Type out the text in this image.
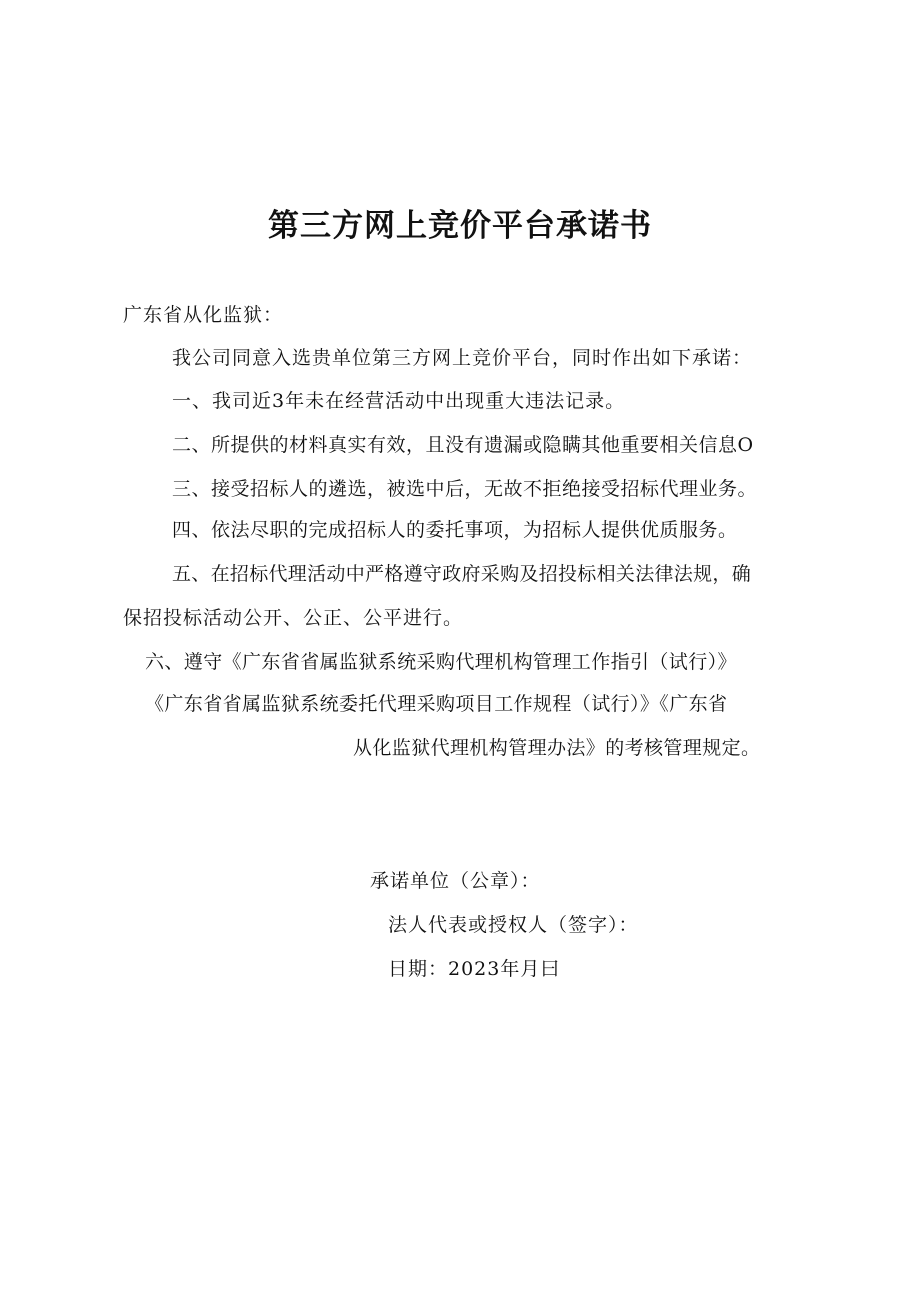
第三方网上竞价平台承诺书
广东省从化监狱：
我公司同意入选贵单位第三方网上竞价平台，同时作出如下承诺：
一、我司近3年未在经营活动中出现重大违法记录。
二、所提供的材料真实有效，且没有遗漏或隐瞒其他重要相关信息O
三、接受招标人的遴选，被选中后，无故不拒绝接受招标代理业务。
四、依法尽职的完成招标人的委托事项，为招标人提供优质服务。
五、在招标代理活动中严格遵守政府采购及招投标相关法律法规，确
保招投标活动公开、公正、公平进行。
六、遵守《广东省省属监狱系统采购代理机构管理工作指引（试行）》
《广东省省属监狱系统委托代理采购项目工作规程（试行）》《广东省
从化监狱代理机构管理办法》的考核管理规定。
承诺单位（公章）：
法人代表或授权人（签字）：
日期：2023年月曰
